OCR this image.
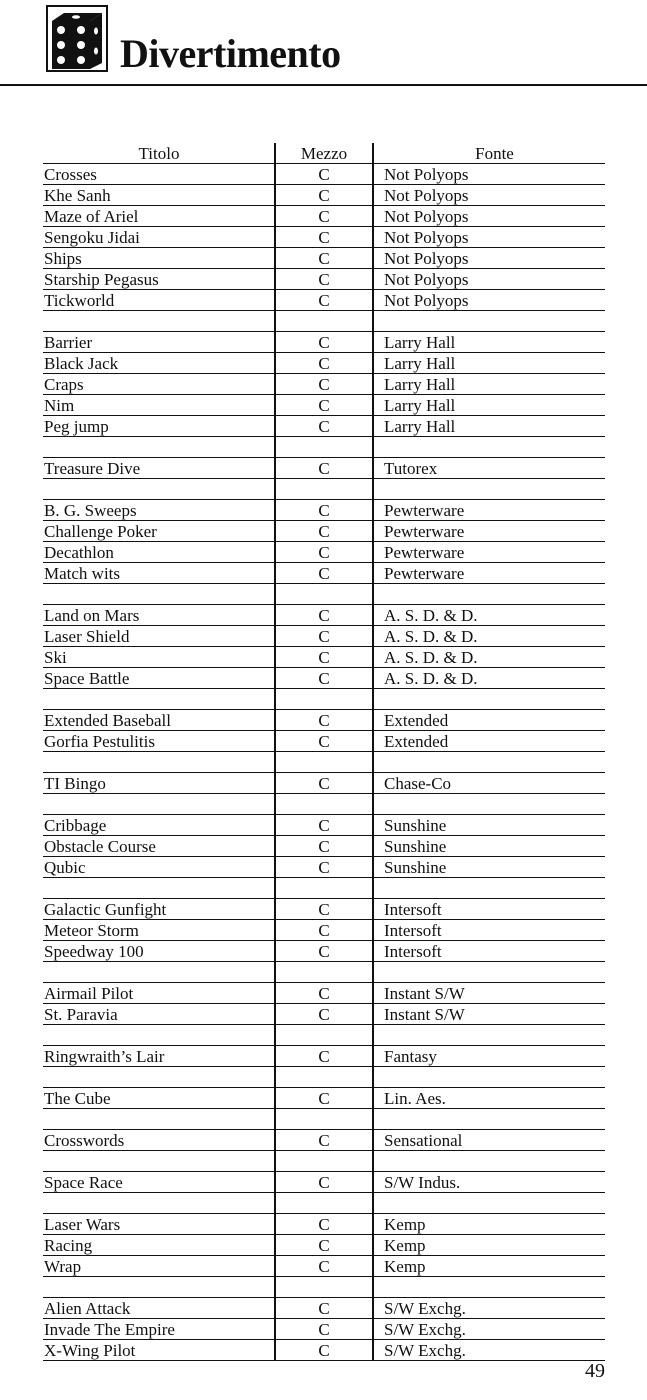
Divertimento
Titolo	Mezzo	Fonte
Crosses	C	Not Polyops
Khe Sanh	C	Not Polyops
Maze of Ariel	C	Not Polyops
Sengoku Jidai	C	Not Polyops
Ships	C	Not Polyops
Starship Pegasus	C	Not Polyops
Tickworld	C	Not Polyops

Barrier	C	Larry Hall
Black Jack	C	Larry Hall
Craps	C	Larry Hall
Nim	C	Larry Hall
Peg jump	C	Larry Hall

Treasure Dive	C	Tutorex

B. G. Sweeps	C	Pewterware
Challenge Poker	C	Pewterware
Decathlon	C	Pewterware
Match wits	C	Pewterware

Land on Mars	C	A. S. D. & D.
Laser Shield	C	A. S. D. & D.
Ski	C	A. S. D. & D.
Space Battle	C	A. S. D. & D.

Extended Baseball	C	Extended
Gorfia Pestulitis	C	Extended

TI Bingo	C	Chase-Co

Cribbage	C	Sunshine
Obstacle Course	C	Sunshine
Qubic	C	Sunshine

Galactic Gunfight	C	Intersoft
Meteor Storm	C	Intersoft
Speedway 100	C	Intersoft

Airmail Pilot	C	Instant S/W
St. Paravia	C	Instant S/W

Ringwraith’s Lair	C	Fantasy

The Cube	C	Lin. Aes.

Crosswords	C	Sensational

Space Race	C	S/W Indus.

Laser Wars	C	Kemp
Racing	C	Kemp
Wrap	C	Kemp

Alien Attack	C	S/W Exchg.
Invade The Empire	C	S/W Exchg.
X-Wing Pilot	C	S/W Exchg.
49
